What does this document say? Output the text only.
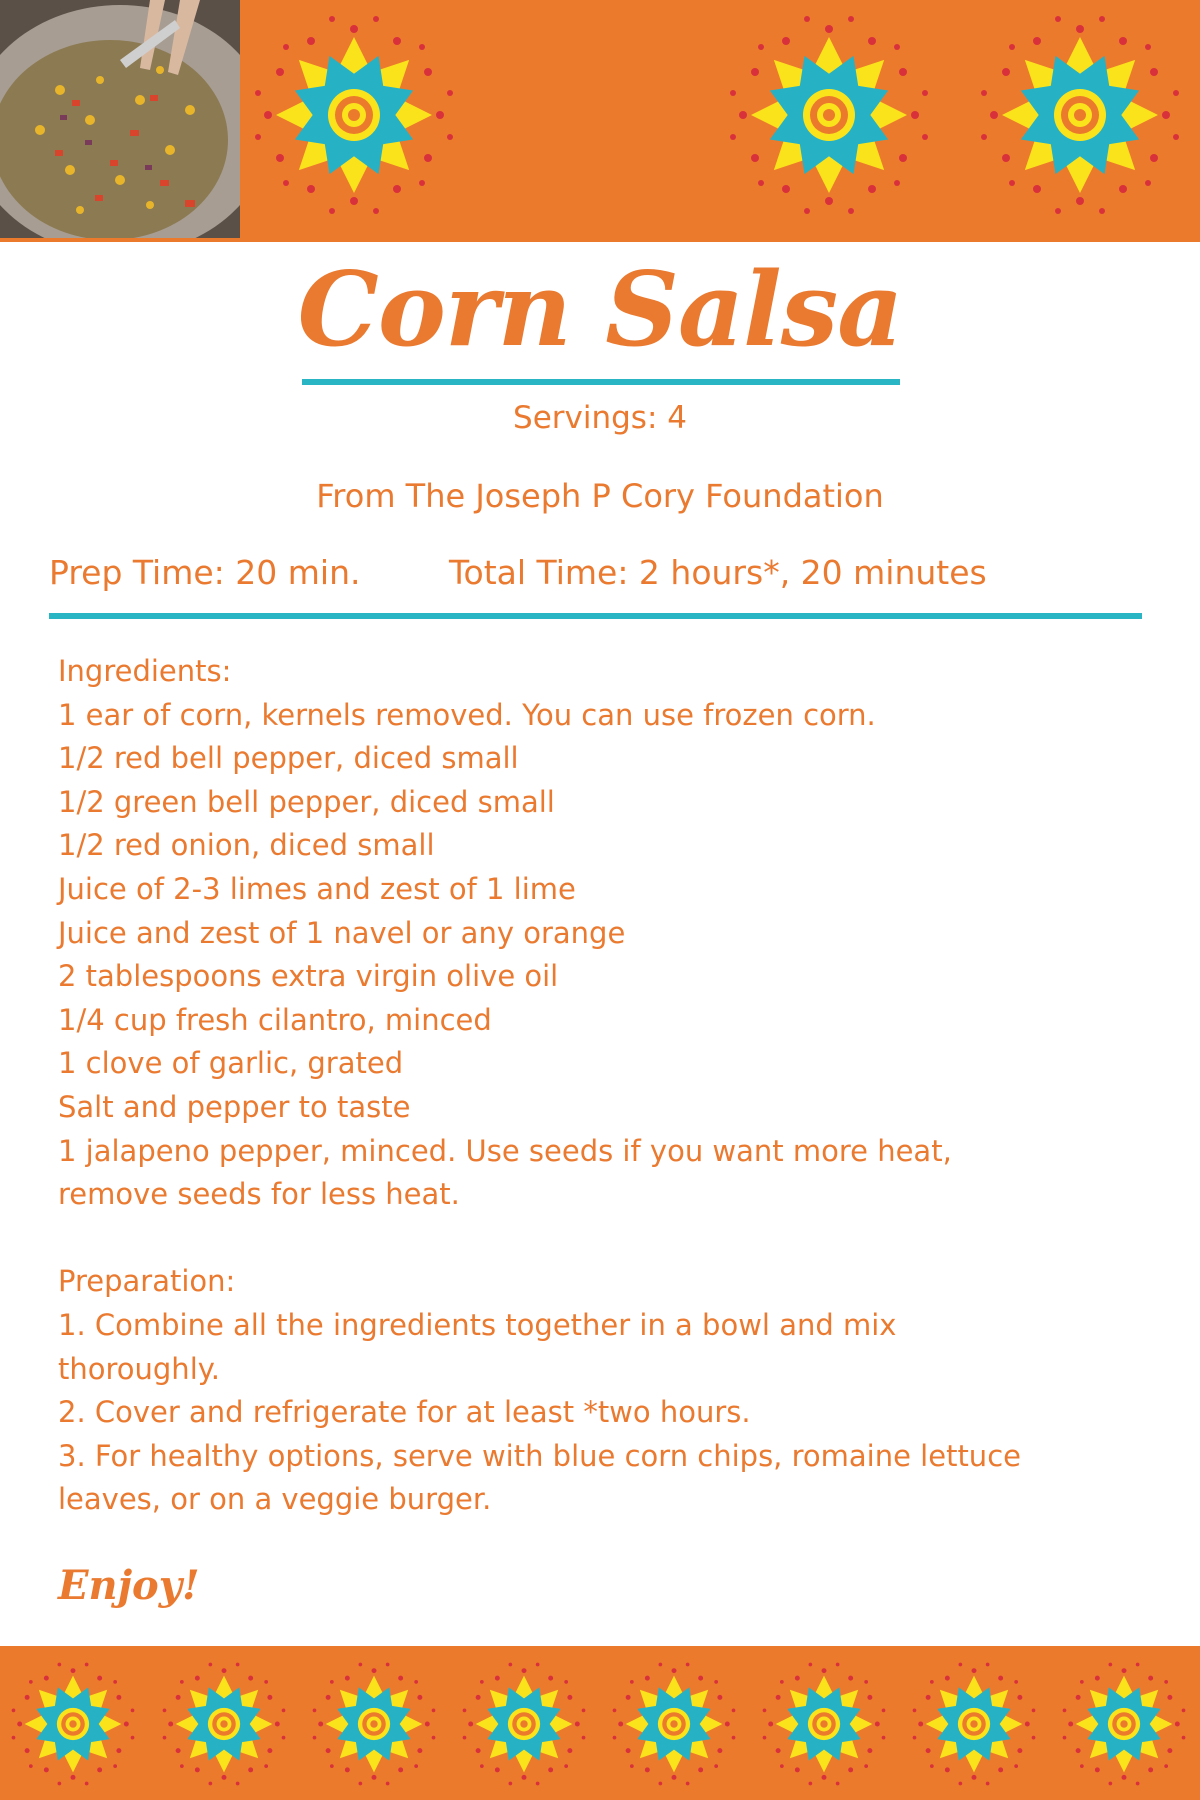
Corn Salsa
Servings: 4
From The Joseph P Cory Foundation
Prep Time: 20 min.	Total Time: 2 hours*, 20 minutes
Ingredients:
1 ear of corn, kernels removed. You can use frozen corn.
1/2 red bell pepper, diced small
1/2 green bell pepper, diced small
1/2 red onion, diced small
Juice of 2-3 limes and zest of 1 lime
Juice and zest of 1 navel or any orange
2 tablespoons extra virgin olive oil
1/4 cup fresh cilantro, minced
1 clove of garlic, grated
Salt and pepper to taste
1 jalapeno pepper, minced. Use seeds if you want more heat,
remove seeds for less heat.
Preparation:
1. Combine all the ingredients together in a bowl and mix
thoroughly.
2. Cover and refrigerate for at least *two hours.
3. For healthy options, serve with blue corn chips, romaine lettuce
leaves, or on a veggie burger.
Enjoy!
